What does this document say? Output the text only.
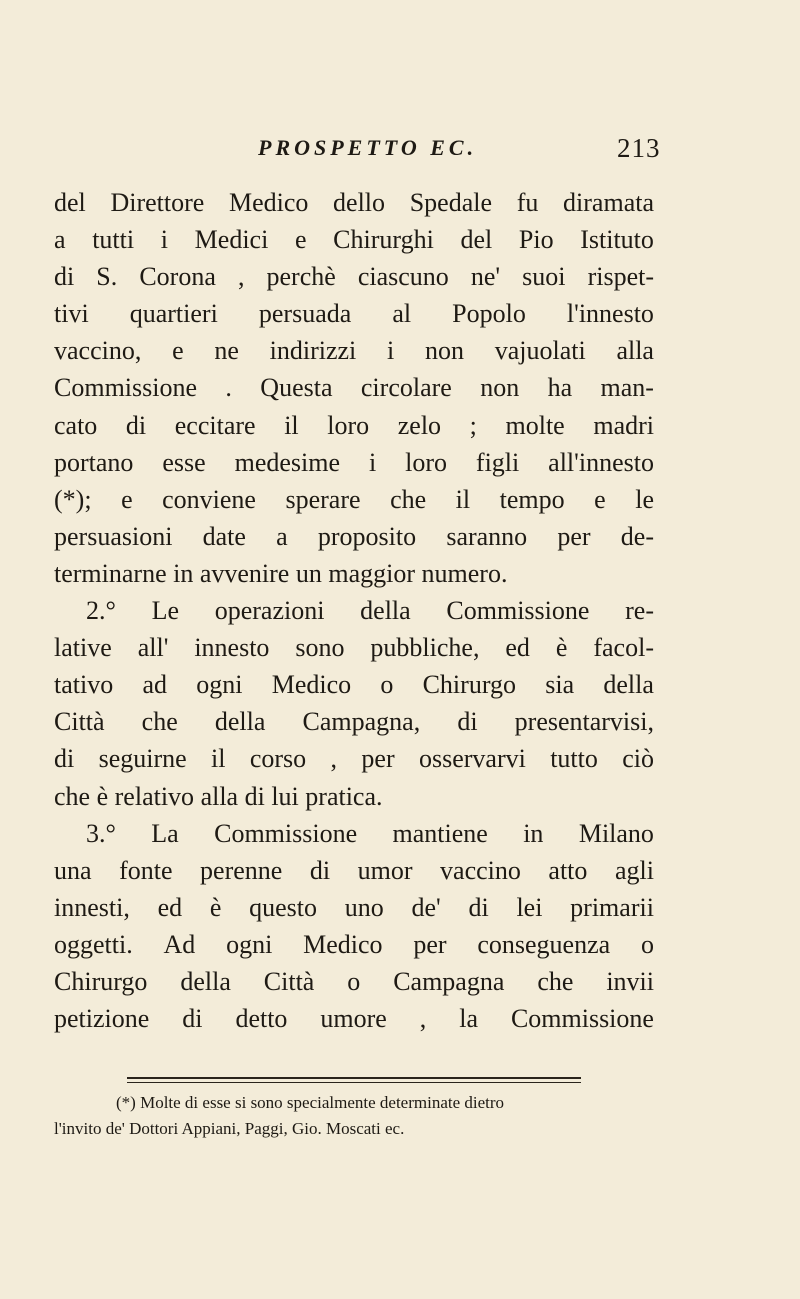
PROSPETTO EC.	213
del Direttore Medico dello Spedale fu diramata
a tutti i Medici e Chirurghi del Pio Istituto
di S. Corona , perchè ciascuno ne' suoi rispet-
tivi quartieri persuada al Popolo l'innesto
vaccino, e ne indirizzi i non vajuolati alla
Commissione . Questa circolare non ha man-
cato di eccitare il loro zelo ; molte madri
portano esse medesime i loro figli all'innesto
(*); e conviene sperare che il tempo e le
persuasioni date a proposito saranno per de-
terminarne in avvenire un maggior numero.
2.° Le operazioni della Commissione re-
lative all' innesto sono pubbliche, ed è facol-
tativo ad ogni Medico o Chirurgo sia della
Città che della Campagna, di presentarvisi,
di seguirne il corso , per osservarvi tutto ciò
che è relativo alla di lui pratica.
3.° La Commissione mantiene in Milano
una fonte perenne di umor vaccino atto agli
innesti, ed è questo uno de' di lei primarii
oggetti. Ad ogni Medico per conseguenza o
Chirurgo della Città o Campagna che invii
petizione di detto umore , la Commissione
(*) Molte di esse si sono specialmente determinate dietro
l'invito de' Dottori Appiani, Paggi, Gio. Moscati ec.
